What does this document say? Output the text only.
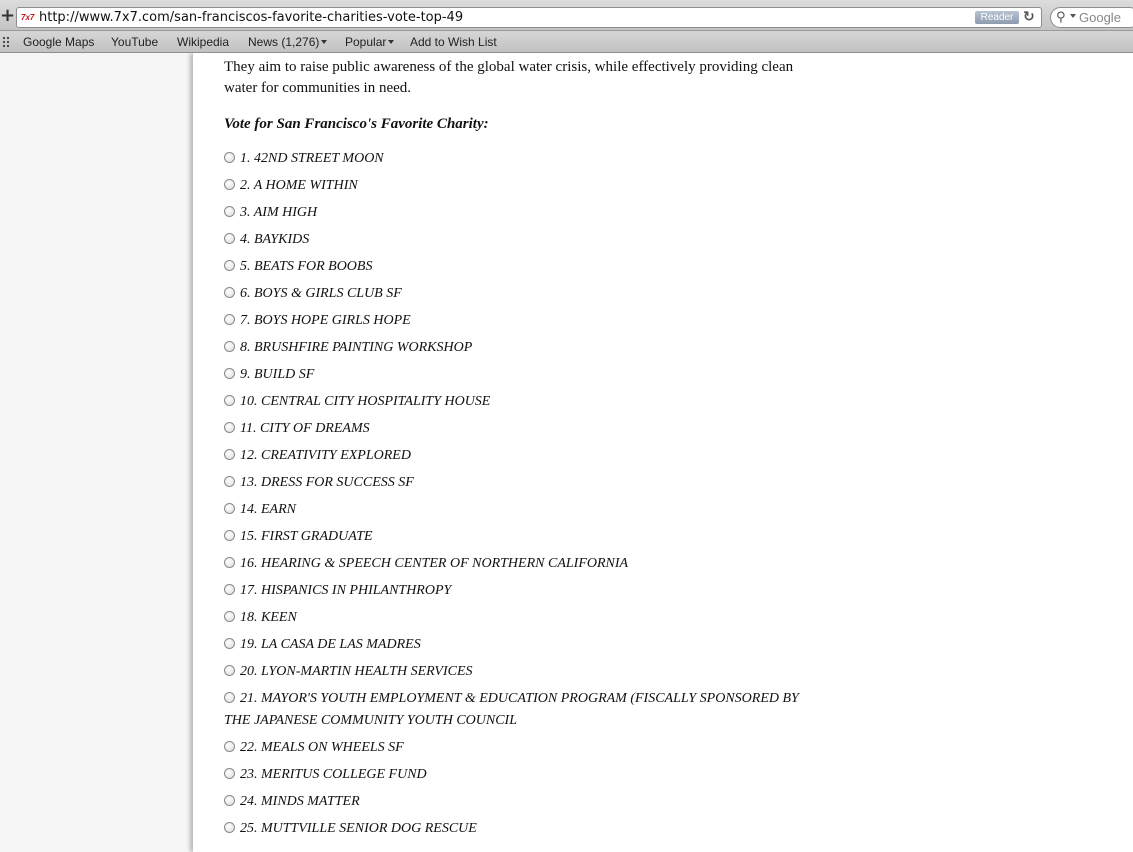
+ 7x7 http://www.7x7.com/san-franciscos-favorite-charities-vote-top-49	Reader ↻ ⚲ Google
Google Maps YouTube Wikipedia News (1,276)	Popular	Add to Wish List
They aim to raise public awareness of the global water crisis, while effectively providing clean
water for communities in need.
Vote for San Francisco's Favorite Charity:
1. 42ND STREET MOON
2. A HOME WITHIN
3. AIM HIGH
4. BAYKIDS
5. BEATS FOR BOOBS
6. BOYS & GIRLS CLUB SF
7. BOYS HOPE GIRLS HOPE
8. BRUSHFIRE PAINTING WORKSHOP
9. BUILD SF
10. CENTRAL CITY HOSPITALITY HOUSE
11. CITY OF DREAMS
12. CREATIVITY EXPLORED
13. DRESS FOR SUCCESS SF
14. EARN
15. FIRST GRADUATE
16. HEARING & SPEECH CENTER OF NORTHERN CALIFORNIA
17. HISPANICS IN PHILANTHROPY
18. KEEN
19. LA CASA DE LAS MADRES
20. LYON-MARTIN HEALTH SERVICES
21. MAYOR'S YOUTH EMPLOYMENT & EDUCATION PROGRAM (FISCALLY SPONSORED BY
THE JAPANESE COMMUNITY YOUTH COUNCIL
22. MEALS ON WHEELS SF
23. MERITUS COLLEGE FUND
24. MINDS MATTER
25. MUTTVILLE SENIOR DOG RESCUE
